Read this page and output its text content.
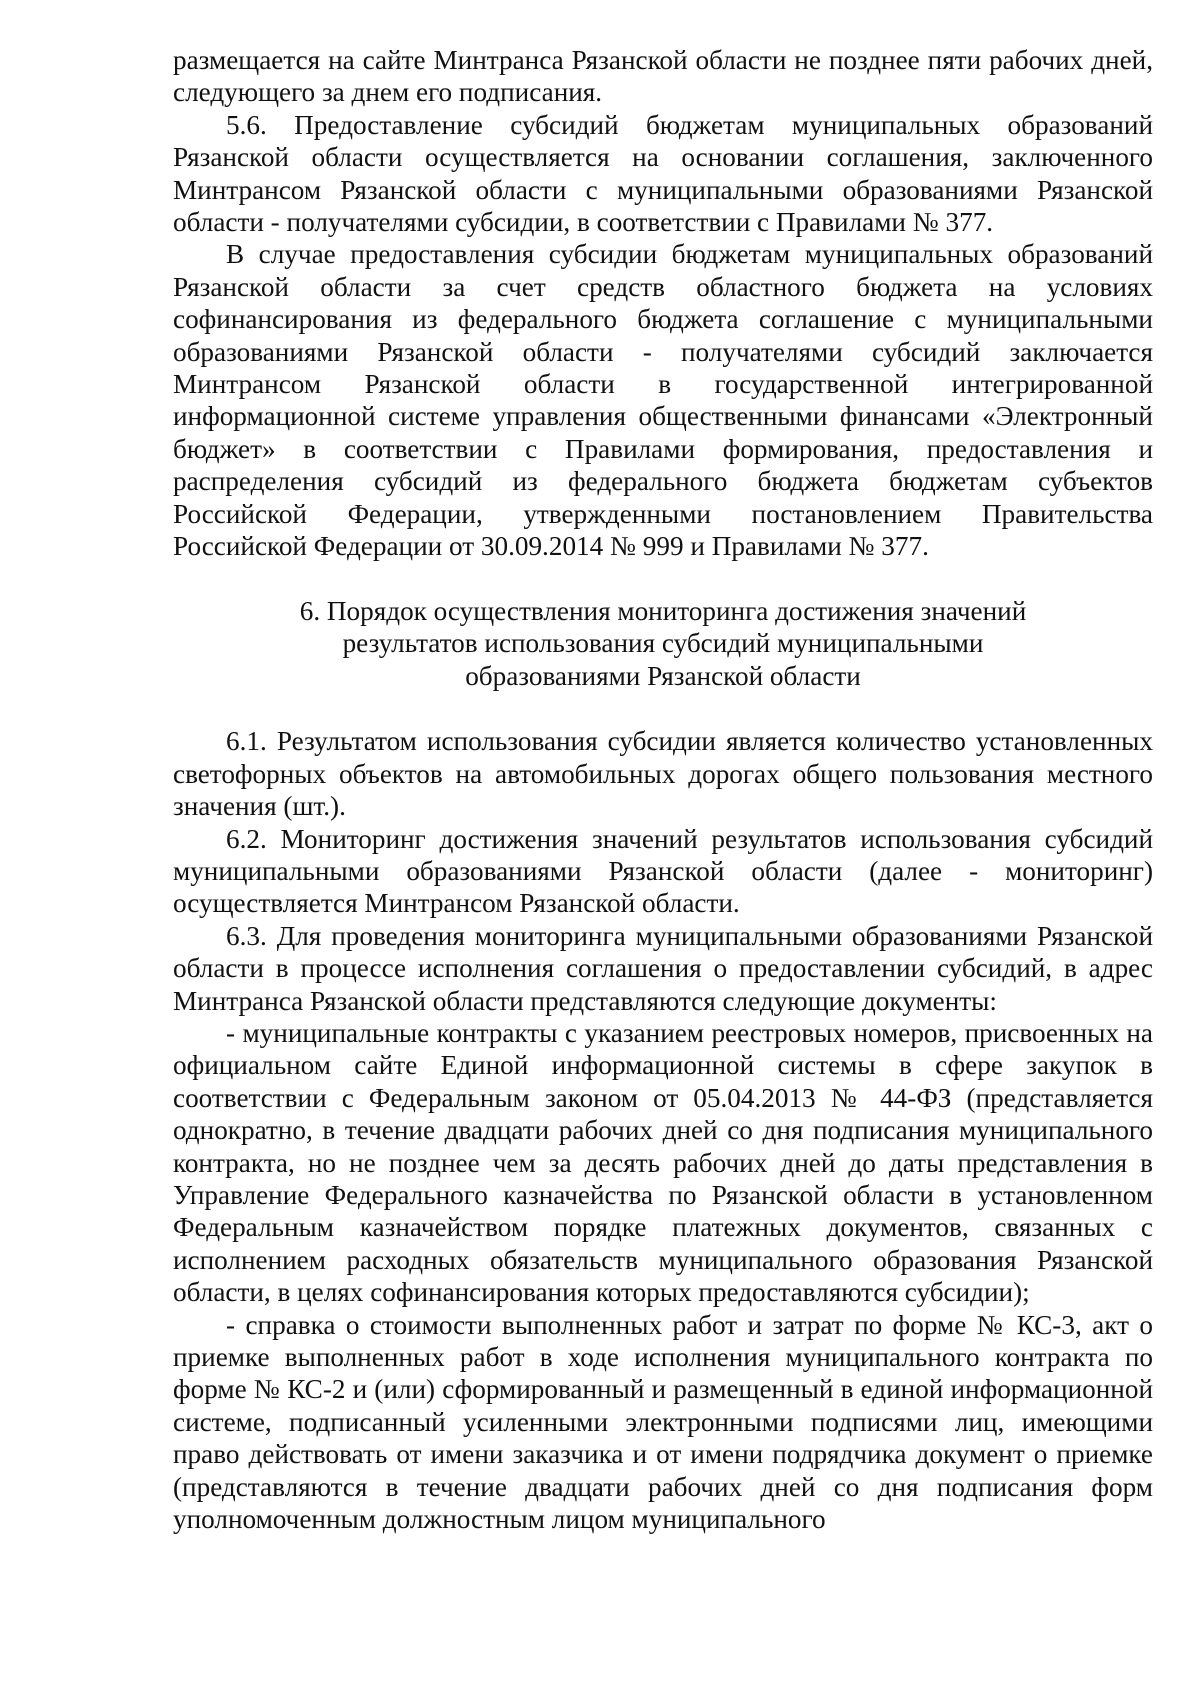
размещается на сайте Минтранса Рязанской области не позднее пяти рабочих дней, следующего за днем его подписания.

5.6. Предоставление субсидий бюджетам муниципальных образований Рязанской области осуществляется на основании соглашения, заключенного Минтрансом Рязанской области с муниципальными образованиями Рязанской области - получателями субсидии, в соответствии с Правилами № 377.

В случае предоставления субсидии бюджетам муниципальных образований Рязанской области за счет средств областного бюджета на условиях софинансирования из федерального бюджета соглашение с муниципальными образованиями Рязанской области - получателями субсидий заключается Минтрансом Рязанской области в государственной интегрированной информационной системе управления общественными финансами «Электронный бюджет» в соответствии с Правилами формирования, предоставления и распределения субсидий из федерального бюджета бюджетам субъектов Российской Федерации, утвержденными постановлением Правительства Российской Федерации от 30.09.2014 № 999 и Правилами № 377.

6. Порядок осуществления мониторинга достижения значений
результатов использования субсидий муниципальными
образованиями Рязанской области

6.1. Результатом использования субсидии является количество установленных светофорных объектов на автомобильных дорогах общего пользования местного значения (шт.).

6.2. Мониторинг достижения значений результатов использования субсидий муниципальными образованиями Рязанской области (далее - мониторинг) осуществляется Минтрансом Рязанской области.

6.3. Для проведения мониторинга муниципальными образованиями Рязанской области в процессе исполнения соглашения о предоставлении субсидий, в адрес Минтранса Рязанской области представляются следующие документы:

- муниципальные контракты с указанием реестровых номеров, присвоенных на официальном сайте Единой информационной системы в сфере закупок в соответствии с Федеральным законом от 05.04.2013 № 44-ФЗ (представляется однократно, в течение двадцати рабочих дней со дня подписания муниципального контракта, но не позднее чем за десять рабочих дней до даты представления в Управление Федерального казначейства по Рязанской области в установленном Федеральным казначейством порядке платежных документов, связанных с исполнением расходных обязательств муниципального образования Рязанской области, в целях софинансирования которых предоставляются субсидии);

- справка о стоимости выполненных работ и затрат по форме № КС-3, акт о приемке выполненных работ в ходе исполнения муниципального контракта по форме № КС-2 и (или) сформированный и размещенный в единой информационной системе, подписанный усиленными электронными подписями лиц, имеющими право действовать от имени заказчика и от имени подрядчика документ о приемке (представляются в течение двадцати рабочих дней со дня подписания форм уполномоченным должностным лицом муниципального
